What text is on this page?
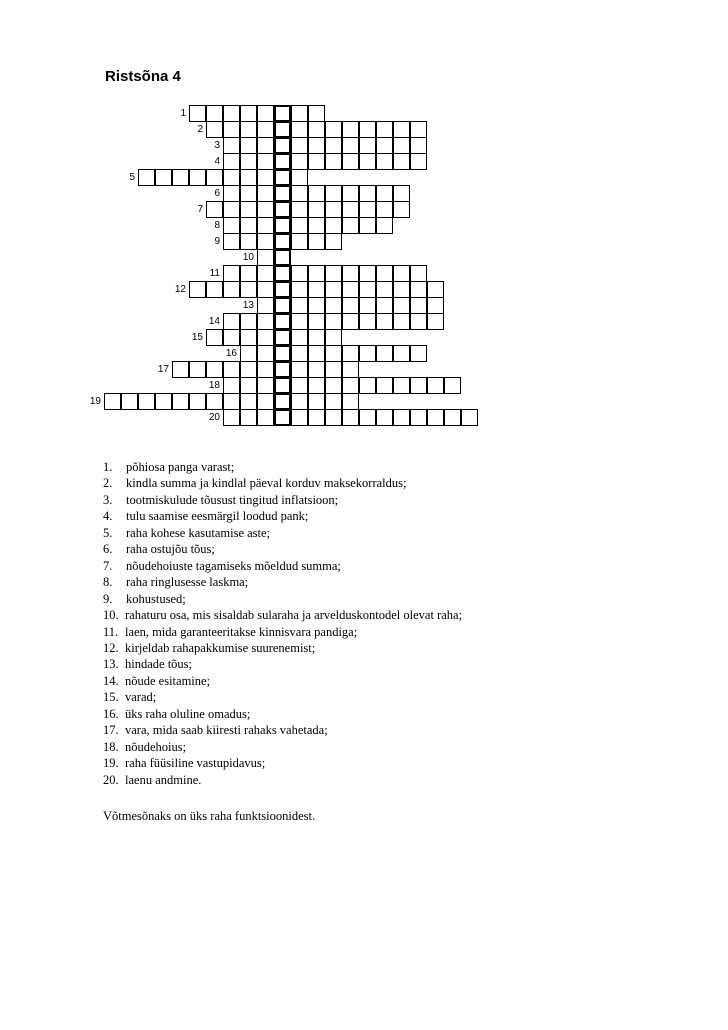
Ristsõna 4
1
2
3
4
5
6
7
8
9
10
11
12
13
14
15
16
17
18
19
20
1. põhiosa panga varast;
2. kindla summa ja kindlal päeval korduv maksekorraldus;
3. tootmiskulude tõusust tingitud inflatsioon;
4. tulu saamise eesmärgil loodud pank;
5. raha kohese kasutamise aste;
6. raha ostujõu tõus;
7. nõudehoiuste tagamiseks mõeldud summa;
8. raha ringlusesse laskma;
9. kohustused;
10. rahaturu osa, mis sisaldab sularaha ja arvelduskontodel olevat raha;
11. laen, mida garanteeritakse kinnisvara pandiga;
12. kirjeldab rahapakkumise suurenemist;
13. hindade tõus;
14. nõude esitamine;
15. varad;
16. üks raha oluline omadus;
17. vara, mida saab kiiresti rahaks vahetada;
18. nõudehoius;
19. raha füüsiline vastupidavus;
20. laenu andmine.

Võtmesõnaks on üks raha funktsioonidest.
